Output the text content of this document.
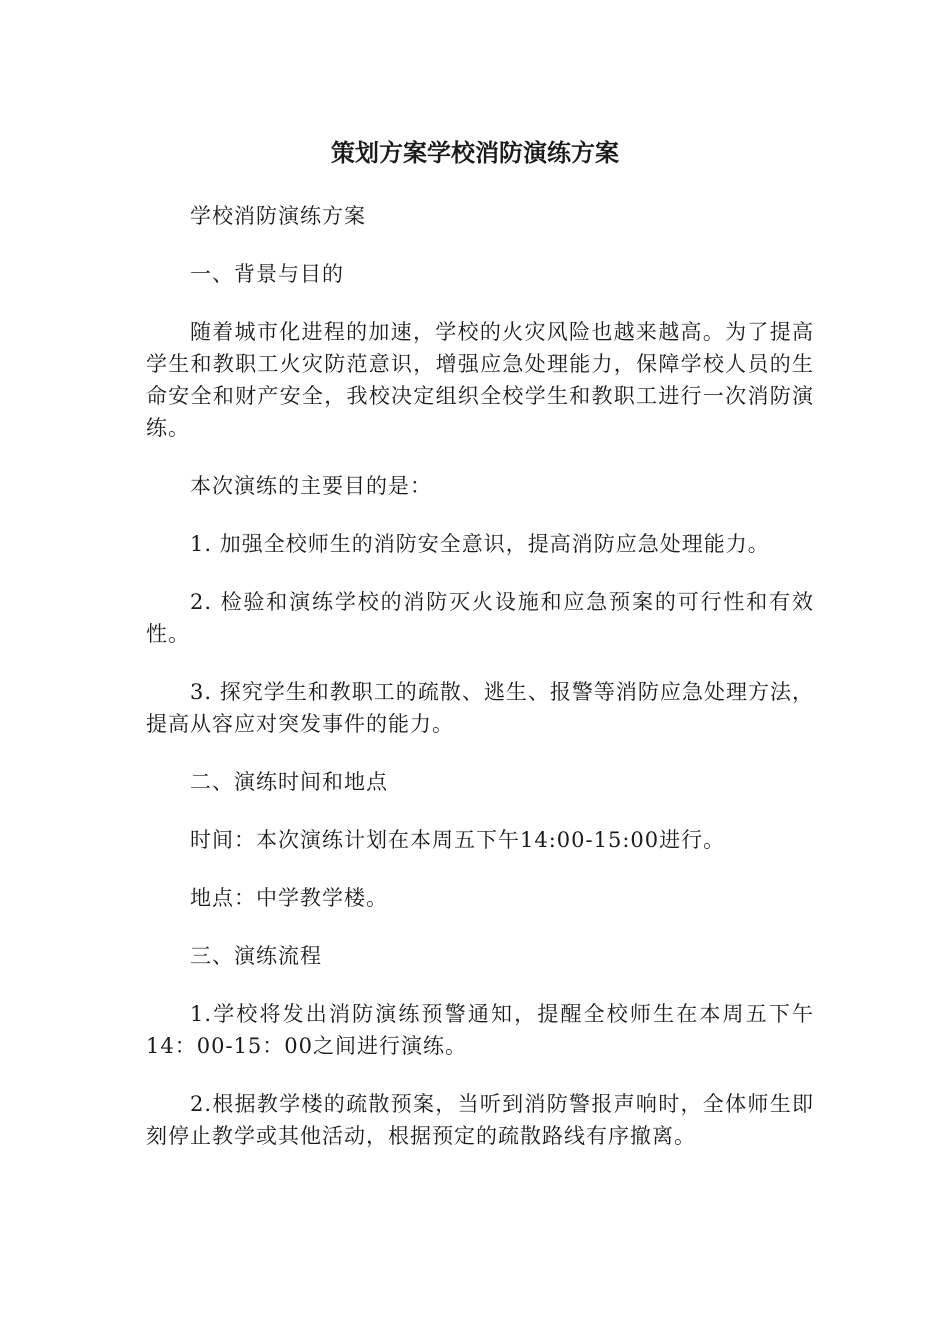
策划方案学校消防演练方案

学校消防演练方案

一、背景与目的

随着城市化进程的加速，学校的火灾风险也越来越高。为了提高学生和教职工火灾防范意识，增强应急处理能力，保障学校人员的生命安全和财产安全，我校决定组织全校学生和教职工进行一次消防演练。

本次演练的主要目的是：

1. 加强全校师生的消防安全意识，提高消防应急处理能力。

2. 检验和演练学校的消防灭火设施和应急预案的可行性和有效性。

3. 探究学生和教职工的疏散、逃生、报警等消防应急处理方法，提高从容应对突发事件的能力。

二、演练时间和地点

时间：本次演练计划在本周五下午14:00-15:00进行。

地点：中学教学楼。

三、演练流程

1.学校将发出消防演练预警通知，提醒全校师生在本周五下午14：00-15：00之间进行演练。

2.根据教学楼的疏散预案，当听到消防警报声响时，全体师生即刻停止教学或其他活动，根据预定的疏散路线有序撤离。
